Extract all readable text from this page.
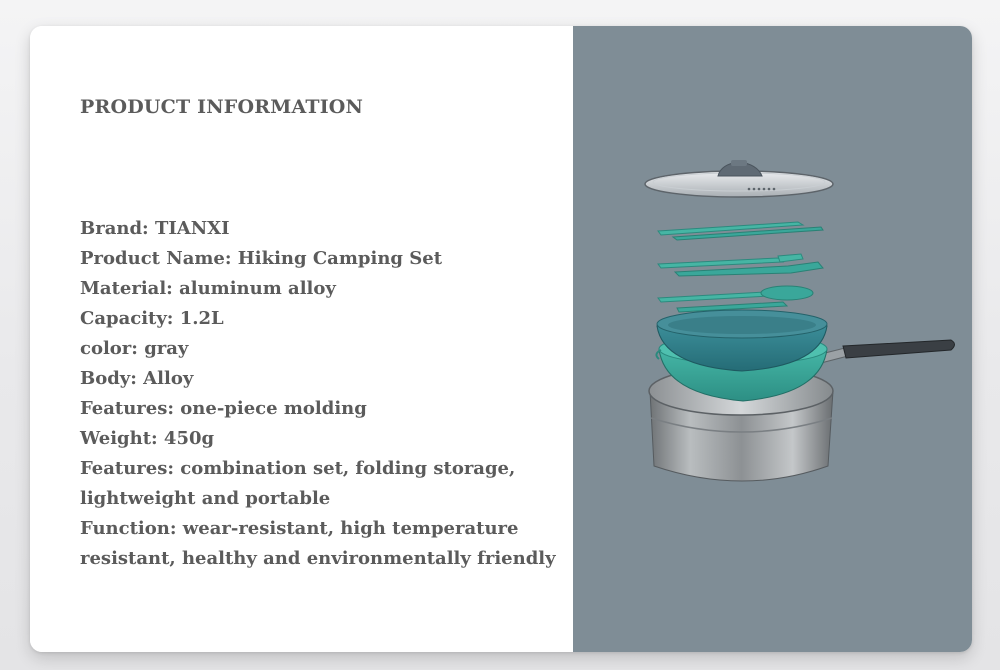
PRODUCT INFORMATION
Brand: TIANXI
Product Name: Hiking Camping Set
Material: aluminum alloy
Capacity: 1.2L
color: gray
Body: Alloy
Features: one-piece molding
Weight: 450g
Features: combination set, folding storage,
lightweight and portable
Function: wear-resistant, high temperature
resistant, healthy and environmentally friendly
